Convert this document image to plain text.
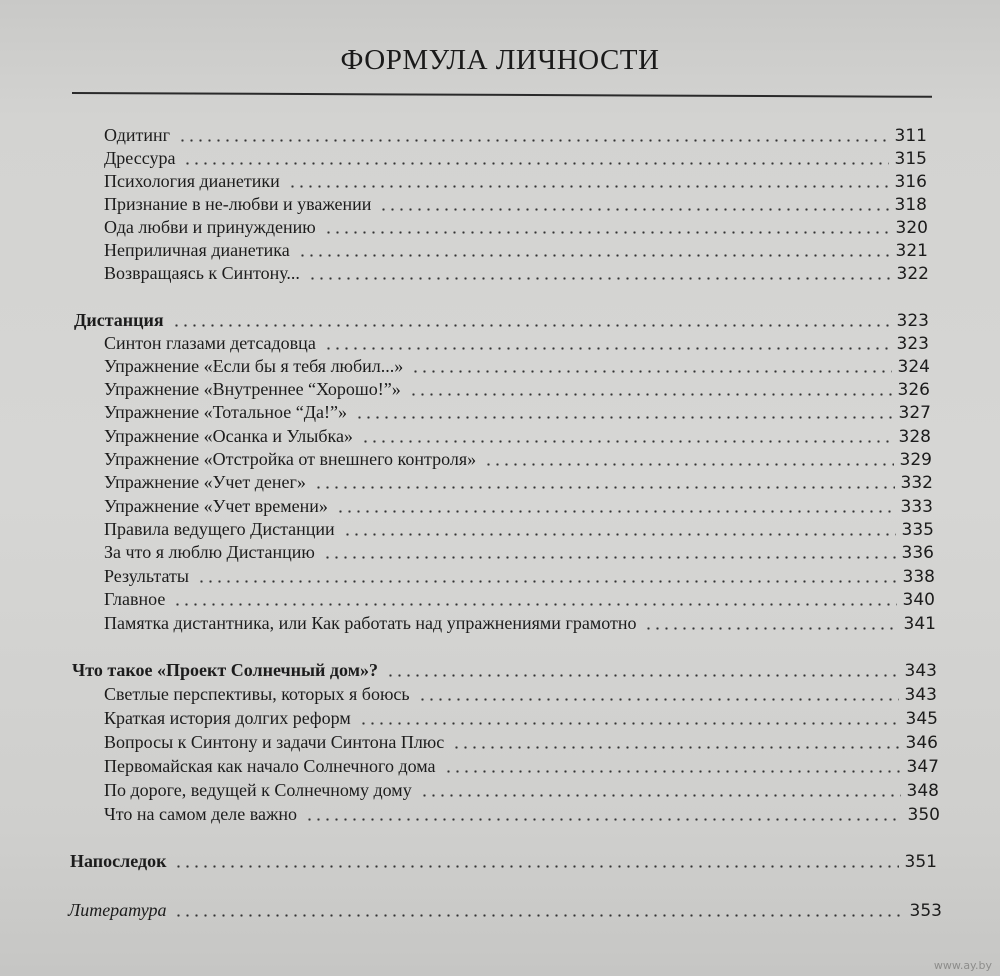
ФОРМУЛА ЛИЧНОСТИ
Одитинг	311
Дрессура	315
Психология дианетики	316
Признание в не-любви и уважении	318
Ода любви и принуждению	320
Неприличная дианетика	321
Возвращаясь к Синтону...	322
Дистанция	323
Синтон глазами детсадовца	323
Упражнение «Если бы я тебя любил...»	324
Упражнение «Внутреннее “Хорошо!”»	326
Упражнение «Тотальное “Да!”»	327
Упражнение «Осанка и Улыбка»	328
Упражнение «Отстройка от внешнего контроля»	329
Упражнение «Учет денег»	332
Упражнение «Учет времени»	333
Правила ведущего Дистанции	335
За что я люблю Дистанцию	336
Результаты	338
Главное	340
Памятка дистантника, или Как работать над упражнениями грамотно	341
Что такое «Проект Солнечный дом»?	343
Светлые перспективы, которых я боюсь	343
Краткая история долгих реформ	345
Вопросы к Синтону и задачи Синтона Плюс	346
Первомайская как начало Солнечного дома	347
По дороге, ведущей к Солнечному дому	348
Что на самом деле важно	350
Напоследок	351
Литература	353
www.ay.by
